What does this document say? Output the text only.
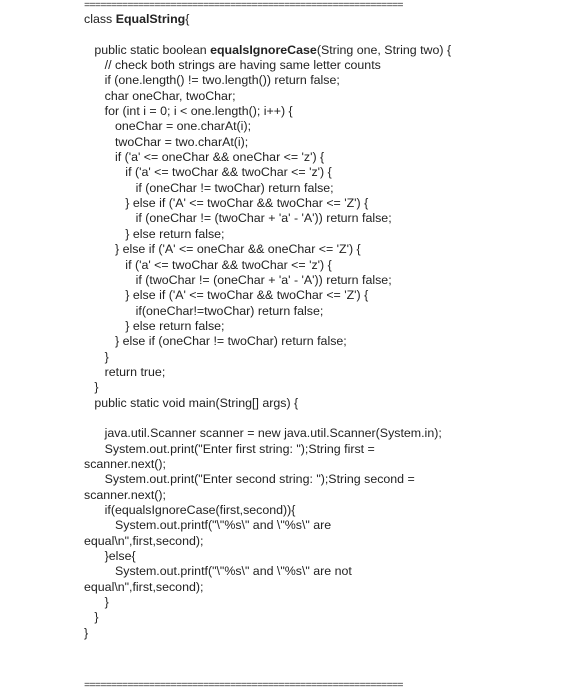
===========================================================
class EqualString{
public static boolean equalsIgnoreCase(String one, String two) {
// check both strings are having same letter counts
if (one.length() != two.length()) return false;
char oneChar, twoChar;
for (int i = 0; i < one.length(); i++) {
oneChar = one.charAt(i);
twoChar = two.charAt(i);
if ('a' <= oneChar && oneChar <= 'z') {
if ('a' <= twoChar && twoChar <= 'z') {
if (oneChar != twoChar) return false;
} else if ('A' <= twoChar && twoChar <= 'Z') {
if (oneChar != (twoChar + 'a' - 'A')) return false;
} else return false;
} else if ('A' <= oneChar && oneChar <= 'Z') {
if ('a' <= twoChar && twoChar <= 'z') {
if (twoChar != (oneChar + 'a' - 'A')) return false;
} else if ('A' <= twoChar && twoChar <= 'Z') {
if(oneChar!=twoChar) return false;
} else return false;
} else if (oneChar != twoChar) return false;
}
return true;
}
public static void main(String[] args) {
java.util.Scanner scanner = new java.util.Scanner(System.in);
System.out.print("Enter first string: ");String first =
scanner.next();
System.out.print("Enter second string: ");String second =
scanner.next();
if(equalsIgnoreCase(first,second)){
System.out.printf("\"%s\" and \"%s\" are
equal\n",first,second);
}else{
System.out.printf("\"%s\" and \"%s\" are not
equal\n",first,second);
}
}
}
===========================================================
